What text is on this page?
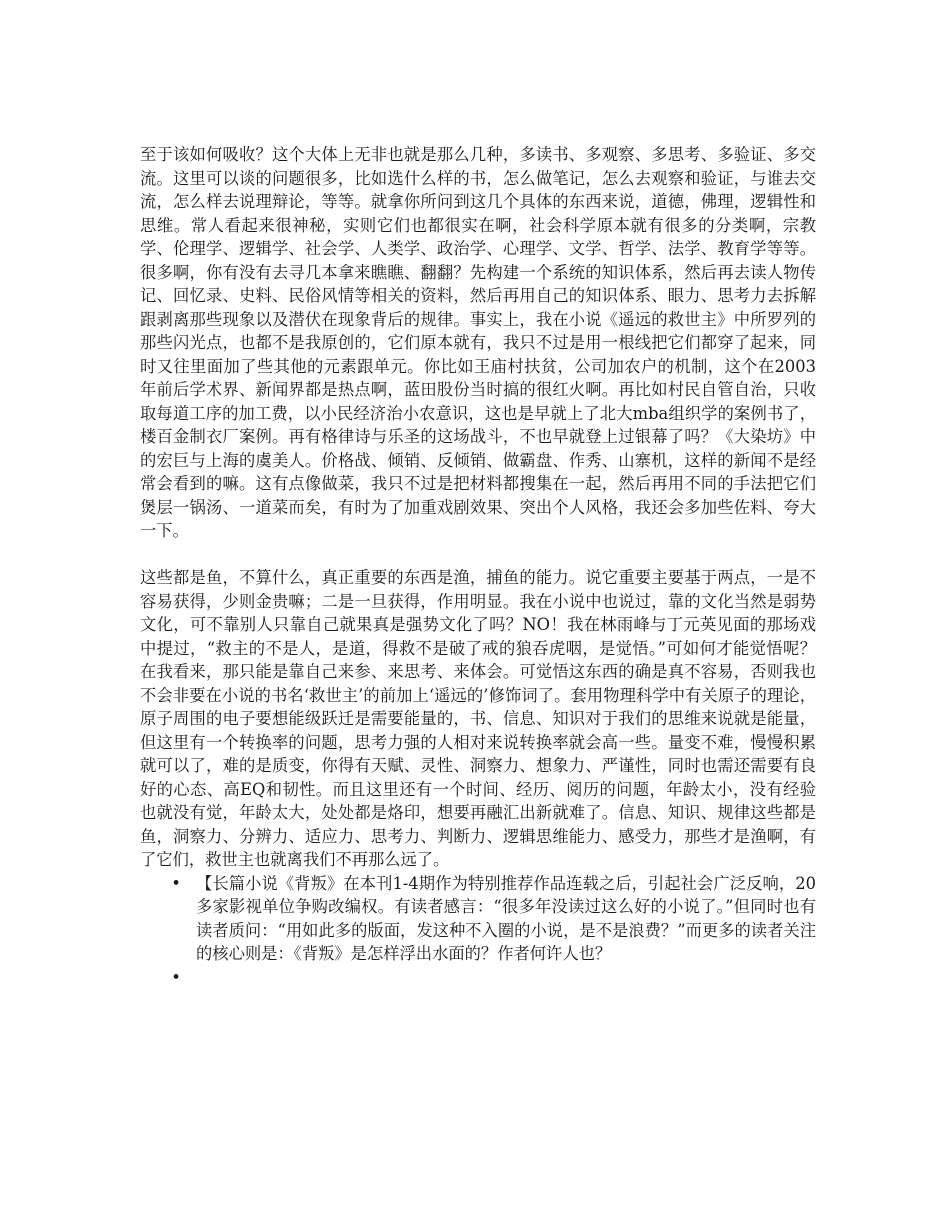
至于该如何吸收？这个大体上无非也就是那么几种，多读书、多观察、多思考、多验证、多交流。这里可以谈的问题很多，比如选什么样的书，怎么做笔记，怎么去观察和验证，与谁去交流，怎么样去说理辩论，等等。就拿你所问到这几个具体的东西来说，道德，佛理，逻辑性和思维。常人看起来很神秘，实则它们也都很实在啊，社会科学原本就有很多的分类啊，宗教学、伦理学、逻辑学、社会学、人类学、政治学、心理学、文学、哲学、法学、教育学等等。很多啊，你有没有去寻几本拿来瞧瞧、翻翻？先构建一个系统的知识体系，然后再去读人物传记、回忆录、史料、民俗风情等相关的资料，然后再用自己的知识体系、眼力、思考力去拆解跟剥离那些现象以及潜伏在现象背后的规律。事实上，我在小说《遥远的救世主》中所罗列的那些闪光点，也都不是我原创的，它们原本就有，我只不过是用一根线把它们都穿了起来，同时又往里面加了些其他的元素跟单元。你比如王庙村扶贫，公司加农户的机制，这个在2003年前后学术界、新闻界都是热点啊，蓝田股份当时搞的很红火啊。再比如村民自管自治，只收取每道工序的加工费，以小民经济治小农意识，这也是早就上了北大mba组织学的案例书了，楼百金制衣厂案例。再有格律诗与乐圣的这场战斗，不也早就登上过银幕了吗？《大染坊》中的宏巨与上海的虞美人。价格战、倾销、反倾销、做霸盘、作秀、山寨机，这样的新闻不是经常会看到的嘛。这有点像做菜，我只不过是把材料都搜集在一起，然后再用不同的手法把它们煲层一锅汤、一道菜而矣，有时为了加重戏剧效果、突出个人风格，我还会多加些佐料、夸大一下。

这些都是鱼，不算什么，真正重要的东西是渔，捕鱼的能力。说它重要主要基于两点，一是不容易获得，少则金贵嘛；二是一旦获得，作用明显。我在小说中也说过，靠的文化当然是弱势文化，可不靠别人只靠自己就果真是强势文化了吗？NO！我在林雨峰与丁元英见面的那场戏中提过，“救主的不是人，是道，得救不是破了戒的狼吞虎咽，是觉悟。”可如何才能觉悟呢？在我看来，那只能是靠自己来参、来思考、来体会。可觉悟这东西的确是真不容易，否则我也不会非要在小说的书名‘救世主’的前加上‘遥远的’修饰词了。套用物理科学中有关原子的理论，原子周围的电子要想能级跃迁是需要能量的，书、信息、知识对于我们的思维来说就是能量，但这里有一个转换率的问题，思考力强的人相对来说转换率就会高一些。量变不难，慢慢积累就可以了，难的是质变，你得有天赋、灵性、洞察力、想象力、严谨性，同时也需还需要有良好的心态、高EQ和韧性。而且这里还有一个时间、经历、阅历的问题，年龄太小，没有经验也就没有觉，年龄太大，处处都是烙印，想要再融汇出新就难了。信息、知识、规律这些都是鱼，洞察力、分辨力、适应力、思考力、判断力、逻辑思维能力、感受力，那些才是渔啊，有了它们，救世主也就离我们不再那么远了。

• 【长篇小说《背叛》在本刊1-4期作为特别推荐作品连载之后，引起社会广泛反响，20多家影视单位争购改编权。有读者感言：“很多年没读过这么好的小说了。”但同时也有读者质问：“用如此多的版面，发这种不入圈的小说，是不是浪费？”而更多的读者关注的核心则是：《背叛》是怎样浮出水面的？作者何许人也？
•
